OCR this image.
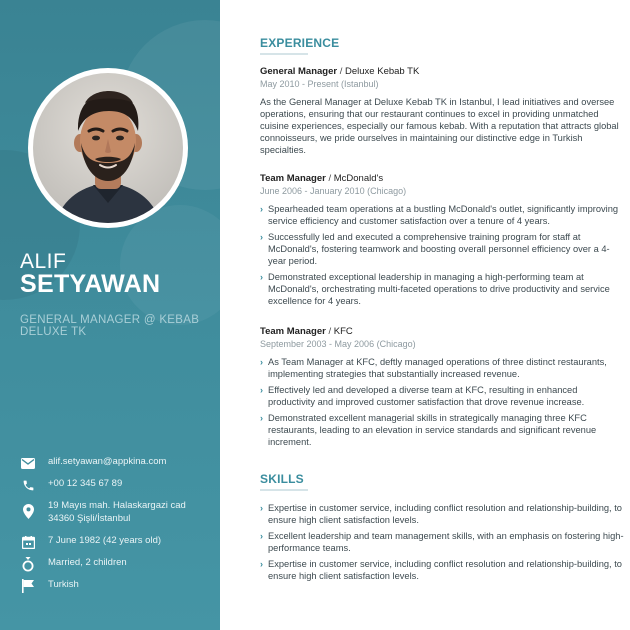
ALIF
SETYAWAN
GENERAL MANAGER @ KEBAB DELUXE TK
alif.setyawan@appkina.com
+00 12 345 67 89
19 Mayıs mah. Halaskargazi cad 34360 Şişli/İstanbul
7 June 1982 (42 years old)
Married, 2 children
Turkish
EXPERIENCE
General Manager / Deluxe Kebab TK
May 2010 - Present (Istanbul)
As the General Manager at Deluxe Kebab TK in Istanbul, I lead initiatives and oversee operations, ensuring that our restaurant continues to excel in providing unmatched cuisine experiences, especially our famous kebab. With a reputation that attracts global connoisseurs, we pride ourselves in maintaining our distinctive edge in Turkish specialties.
Team Manager / McDonald's
June 2006 - January 2010 (Chicago)
› Spearheaded team operations at a bustling McDonald's outlet, significantly improving service efficiency and customer satisfaction over a tenure of 4 years.
› Successfully led and executed a comprehensive training program for staff at McDonald's, fostering teamwork and boosting overall personnel efficiency over a 4-year period.
› Demonstrated exceptional leadership in managing a high-performing team at McDonald's, orchestrating multi-faceted operations to drive productivity and service excellence for 4 years.
Team Manager / KFC
September 2003 - May 2006 (Chicago)
› As Team Manager at KFC, deftly managed operations of three distinct restaurants, implementing strategies that substantially increased revenue.
› Effectively led and developed a diverse team at KFC, resulting in enhanced productivity and improved customer satisfaction that drove revenue increase.
› Demonstrated excellent managerial skills in strategically managing three KFC restaurants, leading to an elevation in service standards and significant revenue increment.
SKILLS
› Expertise in customer service, including conflict resolution and relationship-building, to ensure high client satisfaction levels.
› Excellent leadership and team management skills, with an emphasis on fostering high-performance teams.
› Expertise in customer service, including conflict resolution and relationship-building, to ensure high client satisfaction levels.
